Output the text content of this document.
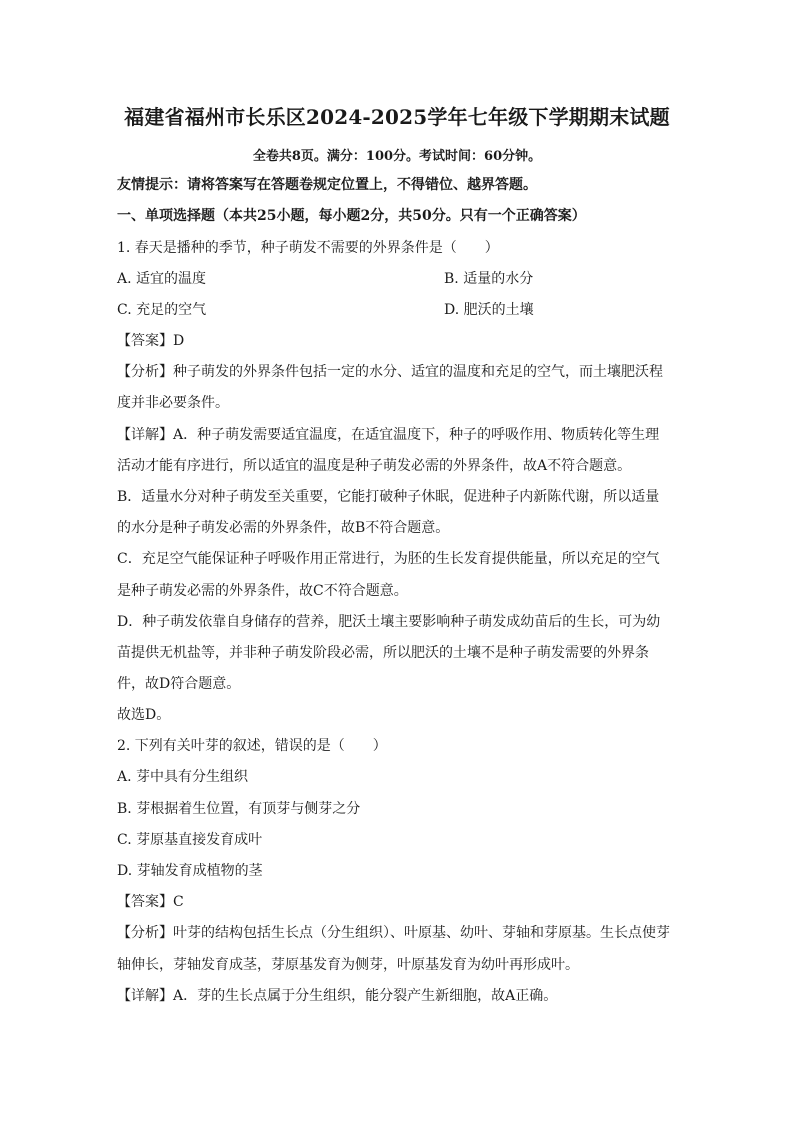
福建省福州市长乐区2024-2025学年七年级下学期期末试题
全卷共8页。满分：100分。考试时间：60分钟。
友情提示：请将答案写在答题卷规定位置上，不得错位、越界答题。
一、单项选择题（本共25小题，每小题2分，共50分。只有一个正确答案）
1. 春天是播种的季节，种子萌发不需要的外界条件是（　　）
A. 适宜的温度	B. 适量的水分
C. 充足的空气	D. 肥沃的土壤
【答案】D
【分析】种子萌发的外界条件包括一定的水分、适宜的温度和充足的空气，而土壤肥沃程
度并非必要条件。
【详解】A．种子萌发需要适宜温度，在适宜温度下，种子的呼吸作用、物质转化等生理
活动才能有序进行，所以适宜的温度是种子萌发必需的外界条件，故A不符合题意。
B．适量水分对种子萌发至关重要，它能打破种子休眠，促进种子内新陈代谢，所以适量
的水分是种子萌发必需的外界条件，故B不符合题意。
C．充足空气能保证种子呼吸作用正常进行，为胚的生长发育提供能量，所以充足的空气
是种子萌发必需的外界条件，故C不符合题意。
D．种子萌发依靠自身储存的营养，肥沃土壤主要影响种子萌发成幼苗后的生长，可为幼
苗提供无机盐等，并非种子萌发阶段必需，所以肥沃的土壤不是种子萌发需要的外界条
件，故D符合题意。
故选D。
2. 下列有关叶芽的叙述，错误的是（　　）
A. 芽中具有分生组织
B. 芽根据着生位置，有顶芽与侧芽之分
C. 芽原基直接发育成叶
D. 芽轴发育成植物的茎
【答案】C
【分析】叶芽的结构包括生长点（分生组织）、叶原基、幼叶、芽轴和芽原基。生长点使芽
轴伸长，芽轴发育成茎，芽原基发育为侧芽，叶原基发育为幼叶再形成叶。
【详解】A．芽的生长点属于分生组织，能分裂产生新细胞，故A正确。
